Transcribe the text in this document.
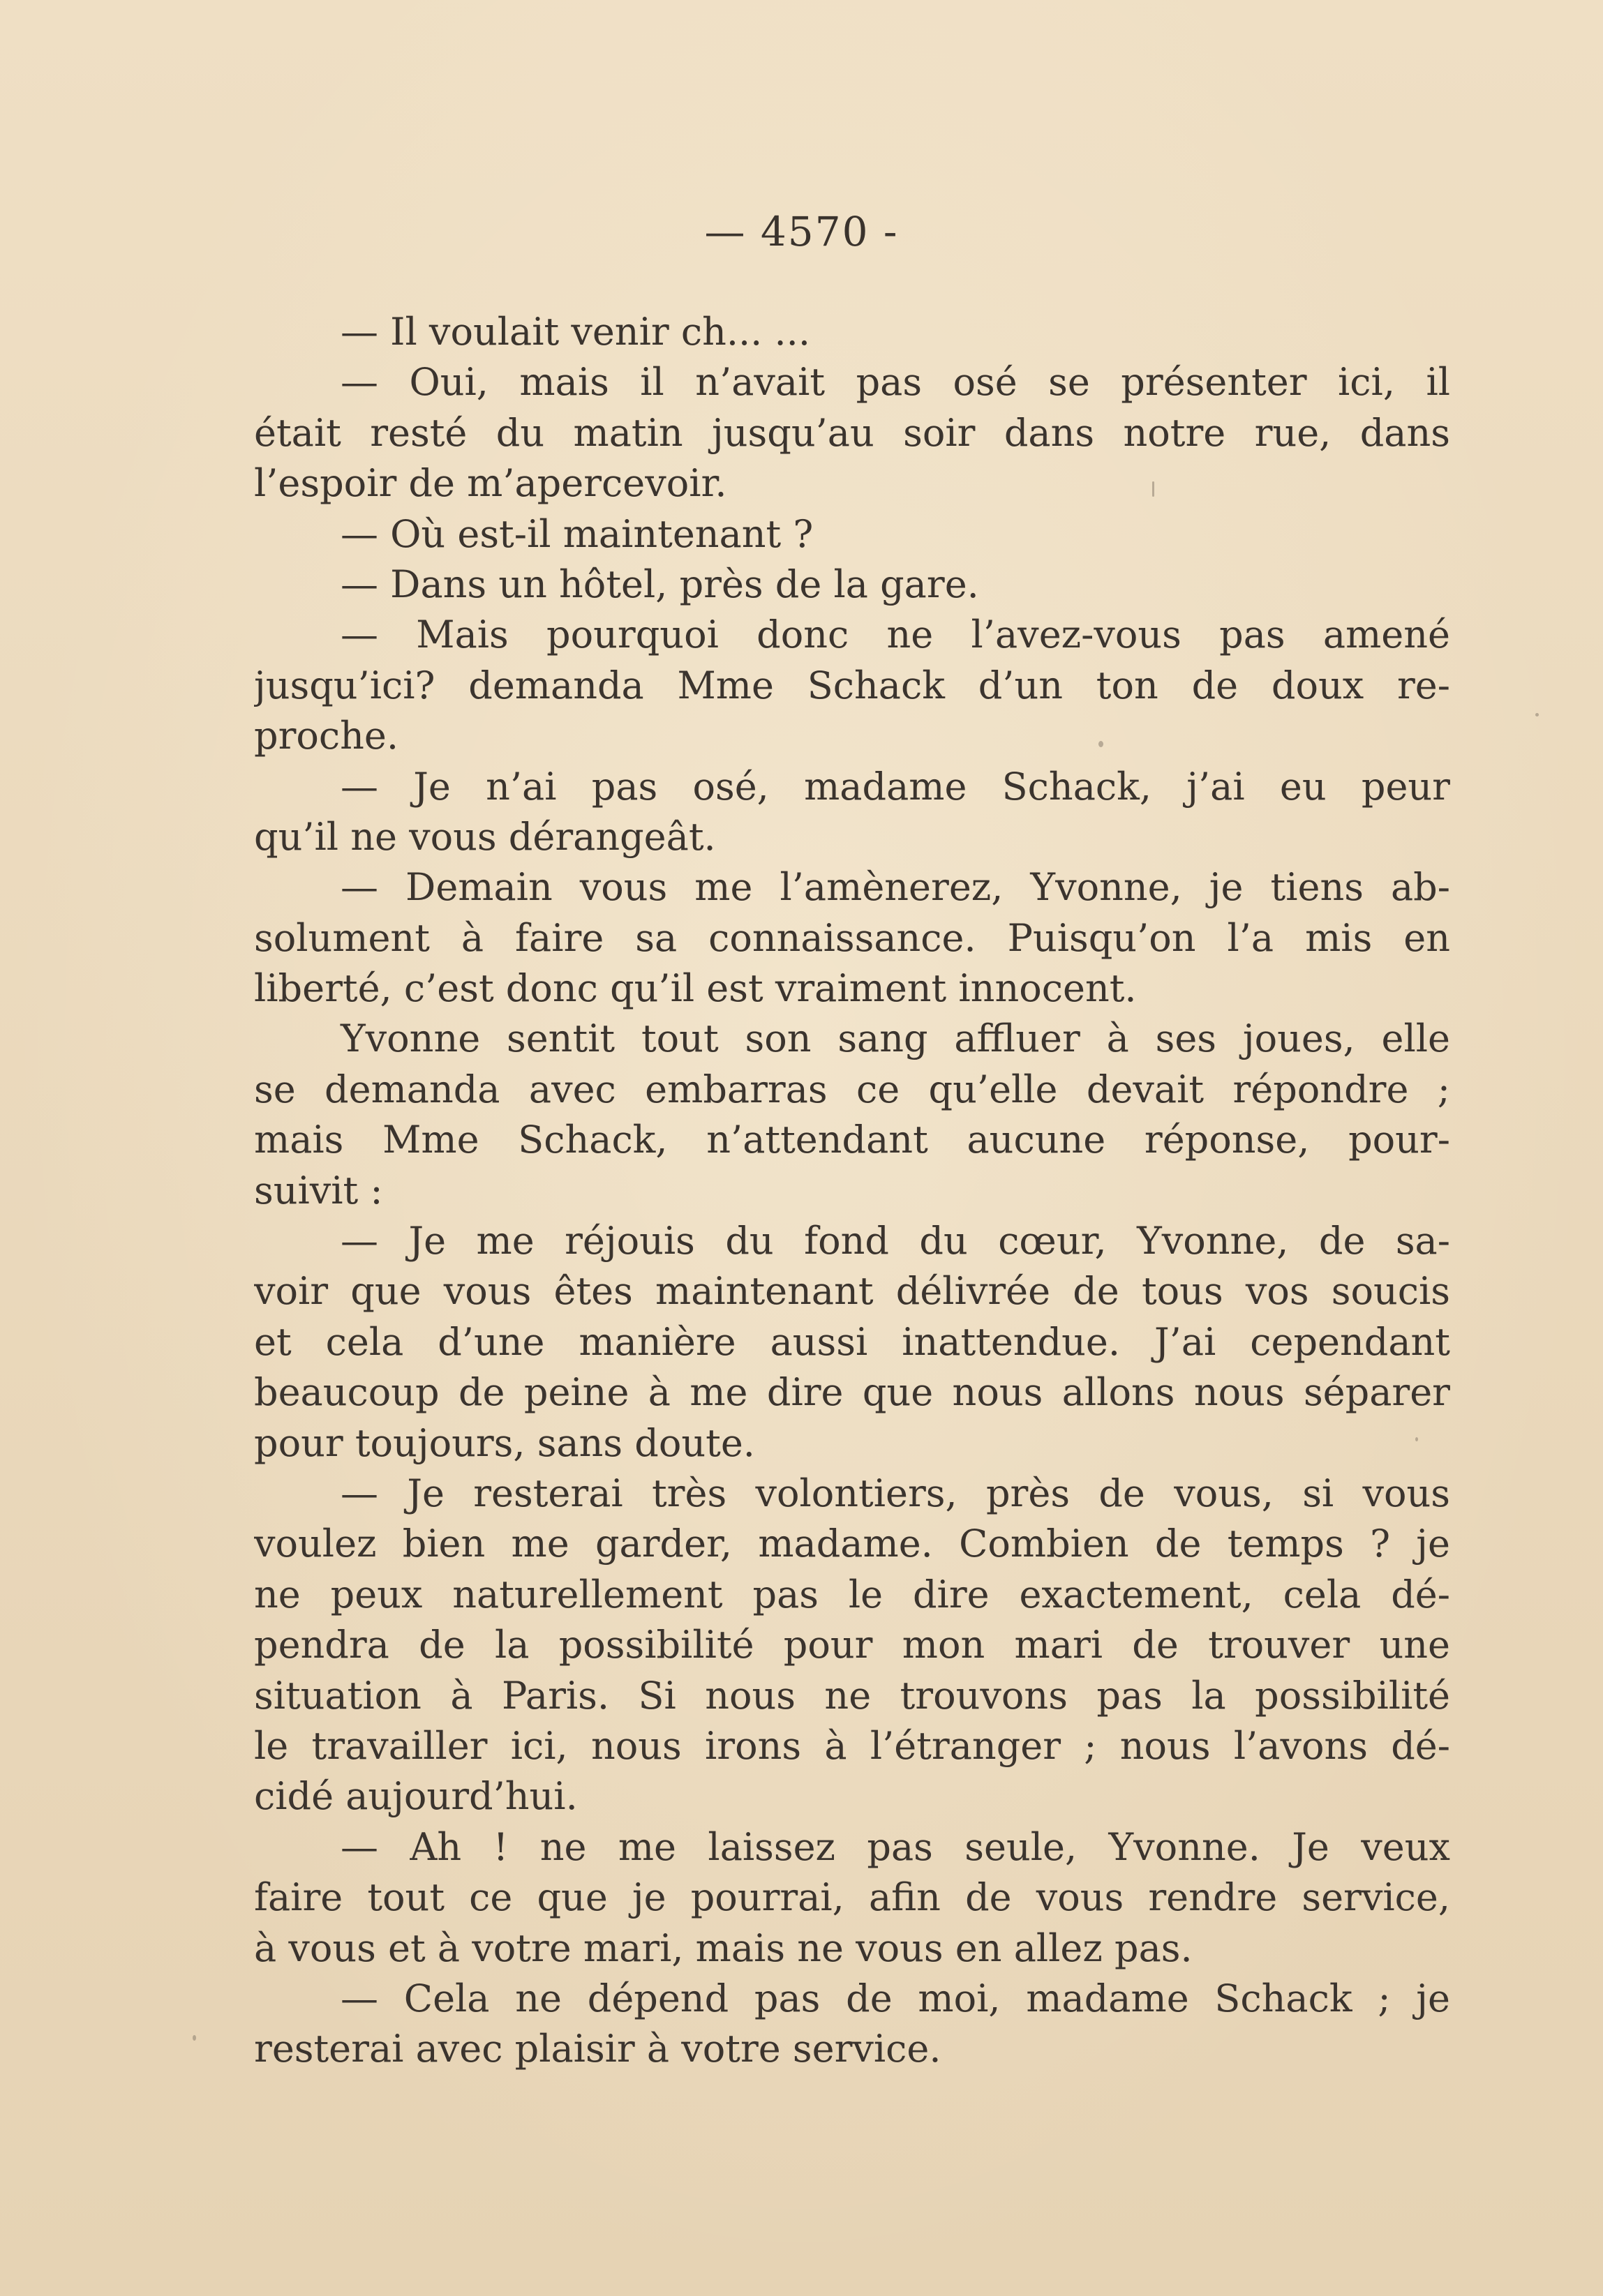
— 4570 -
— Il voulait venir ch... ...
— Oui, mais il n’avait pas osé se présenter ici, il
était resté du matin jusqu’au soir dans notre rue, dans
l’espoir de m’apercevoir.
— Où est-il maintenant ?
— Dans un hôtel, près de la gare.
— Mais pourquoi donc ne l’avez-vous pas amené
jusqu’ici? demanda Mme Schack d’un ton de doux re-
proche.
— Je n’ai pas osé, madame Schack, j’ai eu peur
qu’il ne vous dérangeât.
— Demain vous me l’amènerez, Yvonne, je tiens ab-
solument à faire sa connaissance. Puisqu’on l’a mis en
liberté, c’est donc qu’il est vraiment innocent.
Yvonne sentit tout son sang affluer à ses joues, elle
se demanda avec embarras ce qu’elle devait répondre ;
mais Mme Schack, n’attendant aucune réponse, pour-
suivit :
— Je me réjouis du fond du cœur, Yvonne, de sa-
voir que vous êtes maintenant délivrée de tous vos soucis
et cela d’une manière aussi inattendue. J’ai cependant
beaucoup de peine à me dire que nous allons nous séparer
pour toujours, sans doute.
— Je resterai très volontiers, près de vous, si vous
voulez bien me garder, madame. Combien de temps ? je
ne peux naturellement pas le dire exactement, cela dé-
pendra de la possibilité pour mon mari de trouver une
situation à Paris. Si nous ne trouvons pas la possibilité
le travailler ici, nous irons à l’étranger ; nous l’avons dé-
cidé aujourd’hui.
— Ah ! ne me laissez pas seule, Yvonne. Je veux
faire tout ce que je pourrai, afin de vous rendre service,
à vous et à votre mari, mais ne vous en allez pas.
— Cela ne dépend pas de moi, madame Schack ; je
resterai avec plaisir à votre service.
